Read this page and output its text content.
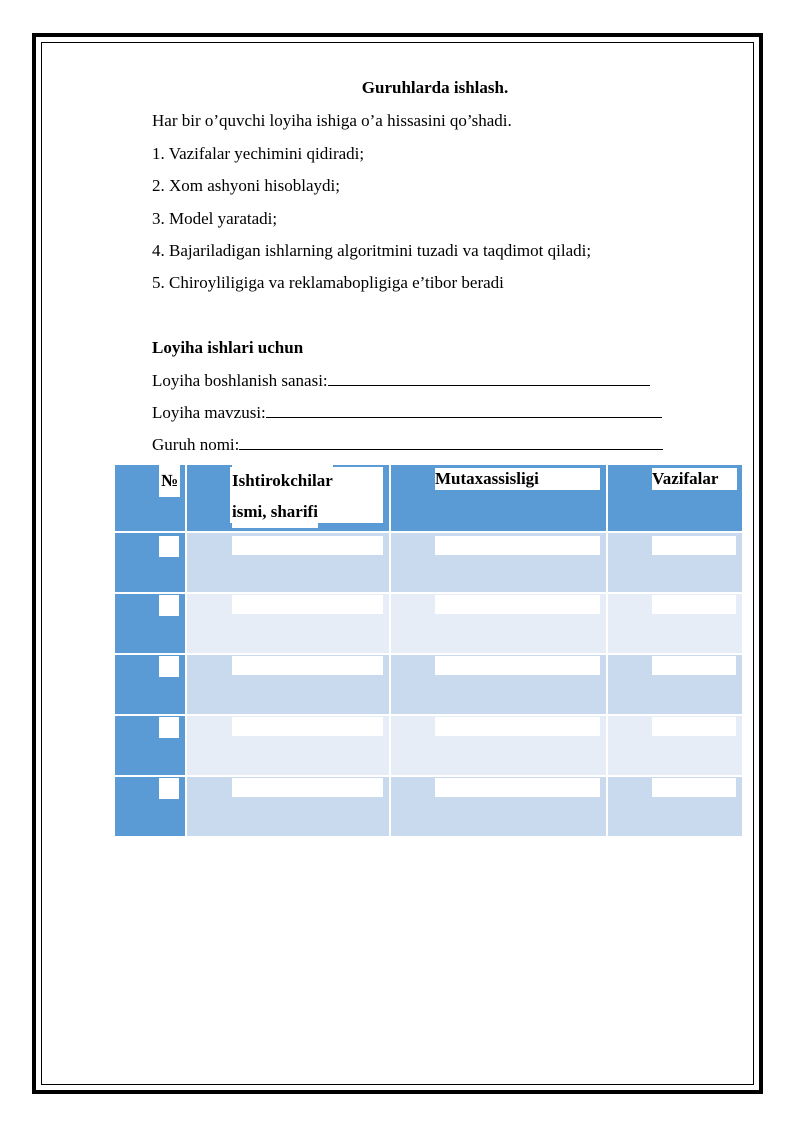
Guruhlarda ishlash.
Har bir o’quvchi loyiha ishiga o’a hissasini qo’shadi.
1. Vazifalar yechimini qidiradi;
2. Xom ashyoni hisoblaydi;
3. Model yaratadi;
4. Bajariladigan ishlarning algoritmini tuzadi va taqdimot qiladi;
5. Chiroyliligiga va reklamabopligiga e’tibor beradi
Loyiha ishlari uchun
Loyiha boshlanish sanasi:
Loyiha mavzusi:
Guruh nomi:
№	Ishtirokchilar
ismi, sharifi
Mutaxassisligi	Vazifalar
